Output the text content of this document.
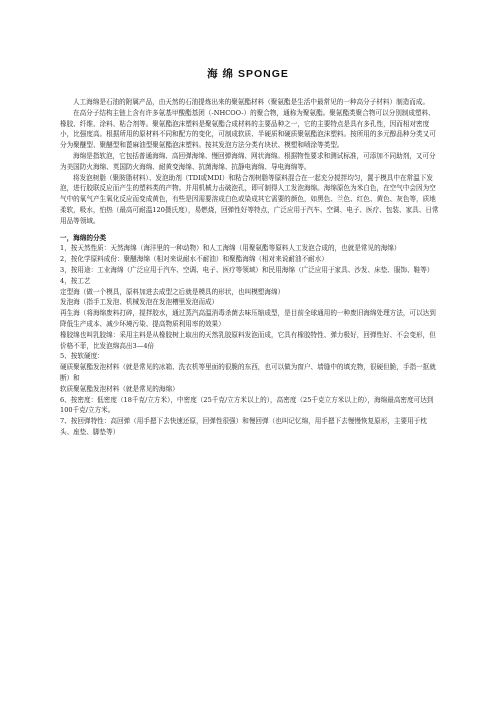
海 绵 SPONGE

人工海绵是石油的附属产品，由天然的石油提炼出来的聚氨酯材料（聚氨酯是生活中最常见的一种高分子材料）制造而成。

在高分子结构主链上含有许多氨基甲酸酯基团（-NHCOO-）的聚合物，通称为聚氨酯。聚氨酯类聚合物可以分别制成塑料、橡胶、纤维、涂料、粘合剂等。聚氨酯泡沫塑料是聚氨酯合成材料的主要品种之一，它的主要特点是具有多孔性，因而相对密度小，比强度高。根据所用的原材料不同和配方的变化，可制成软质、半硬质和硬质聚氨酯泡沫塑料。按所用的多元醇品种分类又可分为聚醚型、聚醚型和蓖麻油型聚氨酯泡沫塑料。按其发泡方法分类有块状、模塑和喷涂等类型。

海绵是指软泡，它包括普通海绵、高回弹海绵、慢回弹海绵、网状海绵。根据物性要求和测试标准，可添加不同助剂，又可分为美国防火海绵、英国防火海绵、耐黄变海绵、抗菌海绵、抗静电海绵、导电海绵等。

将发泡树脂（聚胺脂材料）、发泡助剂（TDI或MDI）和粘合剂树脂等原料混合在一起充分搅拌均匀，置于模具中在常温下发泡，进行胶联反应而产生的塑料类的产物。并用机械力击破泡孔，即可制得人工发泡海绵。海绵原色为米白色，在空气中会因为空气中的氧气产生氧化反应而变成黄色，有些是因需要溶成白色或染成其它需要的颜色，如黑色、兰色、红色、黄色、灰色等，质地柔软，吸水，怕热（最高可耐温120摄氏度），易燃烧，回弹性好等特点，广泛应用于汽车、空调、电子、医疗、包装、家具、日常用品等领域。

一，海绵的分类

1，按天然性质：天然海绵（海洋里的一种动物）和人工海绵（用聚氨酯等原料人工发泡合成的，也就是常见的海绵）

2，按化学原料成份：聚醚海绵（相对来说耐水不耐油）和聚酯海绵（相对来说耐油不耐水）

3，按用途：工业海绵（广泛应用于汽车、空调、电子、医疗等领域）和民用海绵（广泛应用于家具、沙发、床垫、服饰、鞋等）

4，按工艺

定型海（做一个模具，原料加进去成型之后就是模具的形状，也叫模塑海绵）

发泡海（指手工发泡、机械发泡在发泡槽里发泡而成）

再生海（将海绵废料打碎，搅拌胶水，通过蒸汽高温消毒杀菌去味压缩成型，是目前全球通用的一种废旧海绵处理方法，可以达到降低生产成本、减少环境污染、提高物质利用率的效果）

橡胶绵也叫乳胶绵：采用主料是从橡胶树上取出的天然乳胶原料发泡而成，它具有橡胶特性、弹力极好，回弹性好、不会变形，但价格不菲，比发泡绵高出3—4倍

5、按软硬度：

硬质聚氨酯发泡材料（就是常见的冰箱、洗衣机等里面的很脆的东西，也可以做为窗户、墙缝中的填充物，很硬但脆，手指一抠就断）和

软质聚氨酯发泡材料（就是常见的海绵）

6、按密度：低密度（18千克/立方米），中密度（25千克/立方米以上的），高密度（25千克立方米以上的），海绵最高密度可达到100千克/立方米。

7、按回弹特性：高回弹（用手摁下去快速还原，回弹性很强）和慢回弹（也叫记忆绵，用手摁下去慢慢恢复原形，主要用于枕头、座垫、脚垫等）
